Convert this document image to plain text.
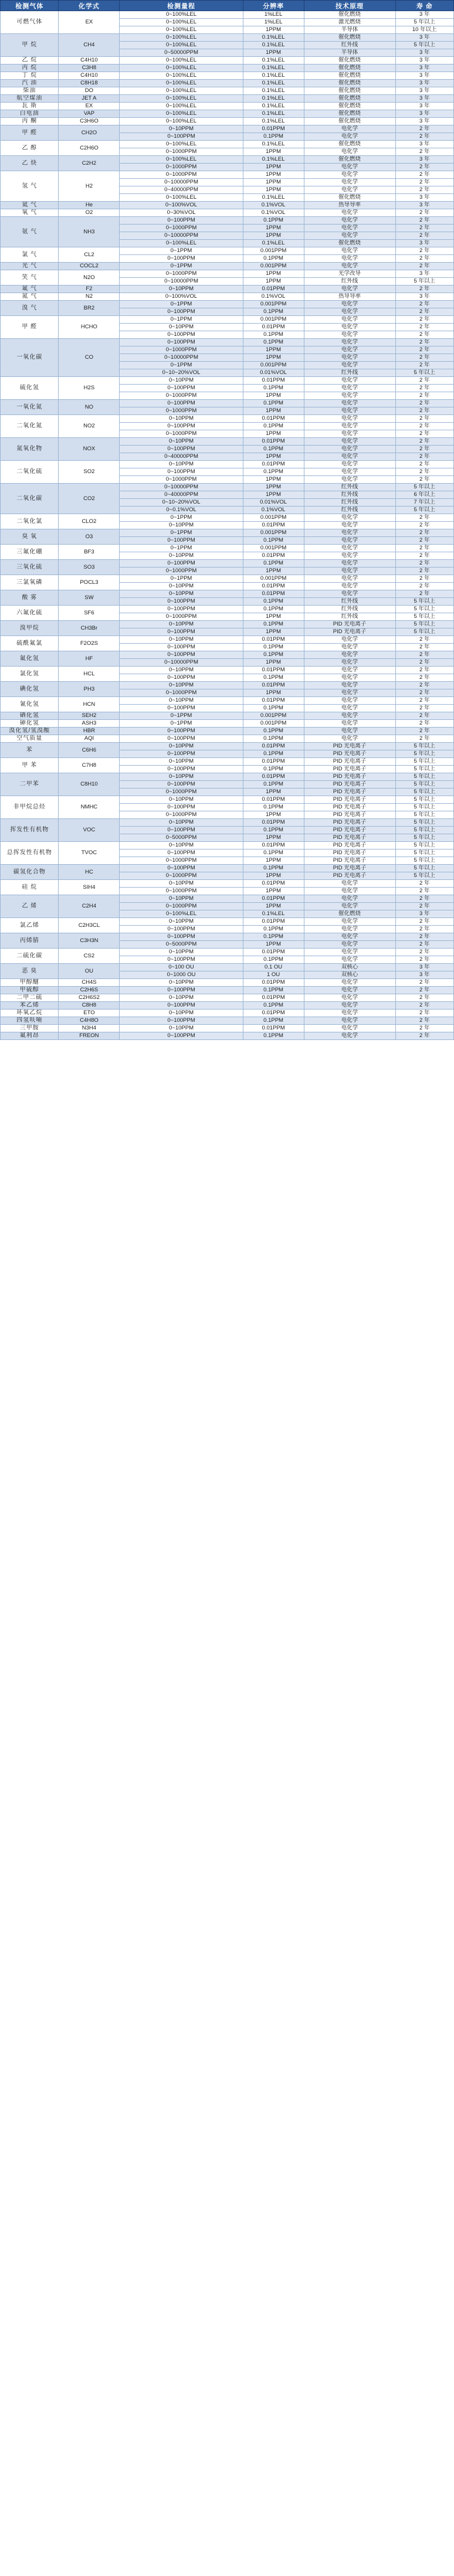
检测气体	化学式	检测量程	分辨率	技术原理	寿 命
可燃气体	EX	0~100%LEL	1%LEL	催化燃烧	3 年
		0~100%LEL	1%LEL	激光燃烧	5 年以上
		0~100%LEL	1PPM	半导体	10 年以上
甲 烷	CH4	0~100%LEL	0.1%LEL	催化燃烧	3 年
		0~100%LEL	0.1%LEL	红外线	5 年以上
		0~50000PPM	1PPM	半导体	3 年
乙 烷	C4H10	0~100%LEL	0.1%LEL	催化燃烧	3 年
丙 烷	C3H8	0~100%LEL	0.1%LEL	催化燃烧	3 年
丁 烷	C4H10	0~100%LEL	0.1%LEL	催化燃烧	3 年
汽 油	C8H18	0~100%LEL	0.1%LEL	催化燃烧	3 年
柴油	DO	0~100%LEL	0.1%LEL	催化燃烧	3 年
航空煤油	JET A	0~100%LEL	0.1%LEL	催化燃烧	3 年
瓦 斯	EX	0~100%LEL	0.1%LEL	催化燃烧	3 年
白电油	VAP	0~100%LEL	0.1%LEL	催化燃烧	3 年
丙 酮	C3H6O	0~100%LEL	0.1%LEL	催化燃烧	3 年
甲 醛	CH2O	0~10PPM	0.01PPM	电化学	2 年
		0~100PPM	0.1PPM	电化学	2 年
乙 醇	C2H6O	0~100%LEL	0.1%LEL	催化燃烧	3 年
		0~1000PPM	1PPM	电化学	2 年
乙 炔	C2H2	0~100%LEL	0.1%LEL	催化燃烧	3 年
		0~1000PPM	1PPM	电化学	2 年
氢 气	H2	0~1000PPM	1PPM	电化学	2 年
		0~10000PPM	1PPM	电化学	2 年
		0~40000PPM	1PPM	电化学	2 年
		0~100%LEL	0.1%LEL	催化燃烧	3 年
氦 气	He	0~100%VOL	0.1%VOL	热导导率	3 年
氧 气	O2	0~30%VOL	0.1%VOL	电化学	2 年
氨 气	NH3	0~100PPM	0.1PPM	电化学	2 年
		0~1000PPM	1PPM	电化学	2 年
		0~10000PPM	1PPM	电化学	2 年
		0~100%LEL	0.1%LEL	催化燃烧	3 年
氯 气	CL2	0~1PPM	0.001PPM	电化学	2 年
		0~100PPM	0.1PPM	电化学	2 年
光 气	COCL2	0~1PPM	0.001PPM	电化学	2 年
笑 气	N2O	0~1000PPM	1PPM	光学改导	3 年
		0~10000PPM	1PPM	红外线	5 年以上
氟 气	F2	0~10PPM	0.01PPM	电化学	2 年
氮 气	N2	0~100%VOL	0.1%VOL	热导导率	3 年
溴 气	BR2	0~1PPM	0.001PPM	电化学	2 年
		0~100PPM	0.1PPM	电化学	2 年
甲 醛	HCHO	0~1PPM	0.001PPM	电化学	2 年
		0~10PPM	0.01PPM	电化学	2 年
		0~100PPM	0.1PPM	电化学	2 年
一氧化碳	CO	0~100PPM	0.1PPM	电化学	2 年
		0~1000PPM	1PPM	电化学	2 年
		0~10000PPM	1PPM	电化学	2 年
		0~1PPM	0.001PPM	电化学	2 年
		0~10~20%VOL	0.01%VOL	红外线	5 年以上
硫化氢	H2S	0~10PPM	0.01PPM	电化学	2 年
		0~100PPM	0.1PPM	电化学	2 年
		0~1000PPM	1PPM	电化学	2 年
一氧化氮	NO	0~100PPM	0.1PPM	电化学	2 年
		0~1000PPM	1PPM	电化学	2 年
二氧化氮	NO2	0~10PPM	0.01PPM	电化学	2 年
		0~100PPM	0.1PPM	电化学	2 年
		0~1000PPM	1PPM	电化学	2 年
氮氧化物	NOX	0~10PPM	0.01PPM	电化学	2 年
		0~100PPM	0.1PPM	电化学	2 年
		0~40000PPM	1PPM	电化学	2 年
二氧化硫	SO2	0~10PPM	0.01PPM	电化学	2 年
		0~100PPM	0.1PPM	电化学	2 年
		0~1000PPM	1PPM	电化学	2 年
二氧化碳	CO2	0~10000PPM	1PPM	红外线	5 年以上
		0~40000PPM	1PPM	红外线	6 年以上
		0~10~20%VOL	0.01%VOL	红外线	7 年以上
		0~0.1%VOL	0.1%VOL	红外线	5 年以上
二氧化氯	CLO2	0~1PPM	0.001PPM	电化学	2 年
		0~10PPM	0.01PPM	电化学	2 年
臭 氧	O3	0~1PPM	0.001PPM	电化学	2 年
		0~100PPM	0.1PPM	电化学	2 年
三氟化硼	BF3	0~1PPM	0.001PPM	电化学	2 年
		0~10PPM	0.01PPM	电化学	2 年
三氧化硫	SO3	0~100PPM	0.1PPM	电化学	2 年
		0~1000PPM	1PPM	电化学	2 年
三氯氧磷	POCL3	0~1PPM	0.001PPM	电化学	2 年
		0~10PPM	0.01PPM	电化学	2 年
酸 雾	SW	0~10PPM	0.01PPM	电化学	2 年
		0~100PPM	0.1PPM	红外线	5 年以上
六氟化硫	SF6	0~100PPM	0.1PPM	红外线	5 年以上
		0~1000PPM	1PPM	红外线	5 年以上
溴甲烷	CH3Br	0~10PPM	0.1PPM	PID 光电离子	5 年以上
		0~100PPM	1PPM	PID 光电离子	5 年以上
硫酰氟氯	F2O2S	0~10PPM	0.01PPM	电化学	2 年
		0~100PPM	0.1PPM	电化学	2 年
氟化氢	HF	0~100PPM	0.1PPM	电化学	2 年
		0~10000PPM	1PPM	电化学	2 年
氯化氢	HCL	0~10PPM	0.01PPM	电化学	2 年
		0~100PPM	0.1PPM	电化学	2 年
碘化氢	PH3	0~10PPM	0.01PPM	电化学	2 年
		0~1000PPM	1PPM	电化学	2 年
氰化氢	HCN	0~10PPM	0.01PPM	电化学	2 年
		0~100PPM	0.1PPM	电化学	2 年
硒化氢	SEH2	0~1PPM	0.001PPM	电化学	2 年
砷化氢	ASH3	0~1PPM	0.001PPM	电化学	2 年
溴化氢/氢溴酸	HBR	0~100PPM	0.1PPM	电化学	2 年
空气质量	AQI	0~100PPM	0.1PPM	电化学	2 年
苯	C6H6	0~10PPM	0.01PPM	PID 光电离子	5 年以上
		0~100PPM	0.1PPM	PID 光电离子	5 年以上
甲 苯	C7H8	0~10PPM	0.01PPM	PID 光电离子	5 年以上
		0~100PPM	0.1PPM	PID 光电离子	5 年以上
二甲苯	C8H10	0~10PPM	0.01PPM	PID 光电离子	5 年以上
		0~100PPM	0.1PPM	PID 光电离子	5 年以上
		0~1000PPM	1PPM	PID 光电离子	5 年以上
非甲烷总烃	NMHC	0~10PPM	0.01PPM	PID 光电离子	5 年以上
		0~100PPM	0.1PPM	PID 光电离子	5 年以上
		0~1000PPM	1PPM	PID 光电离子	5 年以上
挥发性有机物	VOC	0~10PPM	0.01PPM	PID 光电离子	5 年以上
		0~100PPM	0.1PPM	PID 光电离子	5 年以上
		0~5000PPM	1PPM	PID 光电离子	5 年以上
总挥发性有机物	TVOC	0~10PPM	0.01PPM	PID 光电离子	5 年以上
		0~100PPM	0.1PPM	PID 光电离子	5 年以上
		0~1000PPM	1PPM	PID 光电离子	5 年以上
碳氢化合物	HC	0~100PPM	0.1PPM	PID 光电离子	5 年以上
		0~1000PPM	1PPM	PID 光电离子	5 年以上
硅 烷	SIH4	0~10PPM	0.01PPM	电化学	2 年
		0~1000PPM	1PPM	电化学	2 年
乙 烯	C2H4	0~10PPM	0.01PPM	电化学	2 年
		0~1000PPM	1PPM	电化学	2 年
		0~100%LEL	0.1%LEL	催化燃烧	3 年
氯乙烯	C2H3CL	0~10PPM	0.01PPM	电化学	2 年
		0~100PPM	0.1PPM	电化学	2 年
丙烯腈	C3H3N	0~100PPM	0.1PPM	电化学	2 年
		0~5000PPM	1PPM	电化学	2 年
二硫化碳	CS2	0~10PPM	0.01PPM	电化学	2 年
		0~100PPM	0.1PPM	电化学	2 年
恶 臭	OU	0~100 OU	0.1 OU	双核心	3 年
		0~1000 OU	1 OU	双核心	3 年
甲醇醚	CH4S	0~10PPM	0.01PPM	电化学	2 年
甲硫醇	C2H6S	0~100PPM	0.1PPM	电化学	2 年
二甲二硫	C2H6S2	0~10PPM	0.01PPM	电化学	2 年
苯乙烯	C8H8	0~100PPM	0.1PPM	电化学	2 年
环氧乙烷	ETO	0~10PPM	0.01PPM	电化学	2 年
四氢呋喃	C4H8O	0~100PPM	0.1PPM	电化学	2 年
三甲胺	N3H4	0~10PPM	0.01PPM	电化学	2 年
氟利昂	FREON	0~100PPM	0.1PPM	电化学	2 年
